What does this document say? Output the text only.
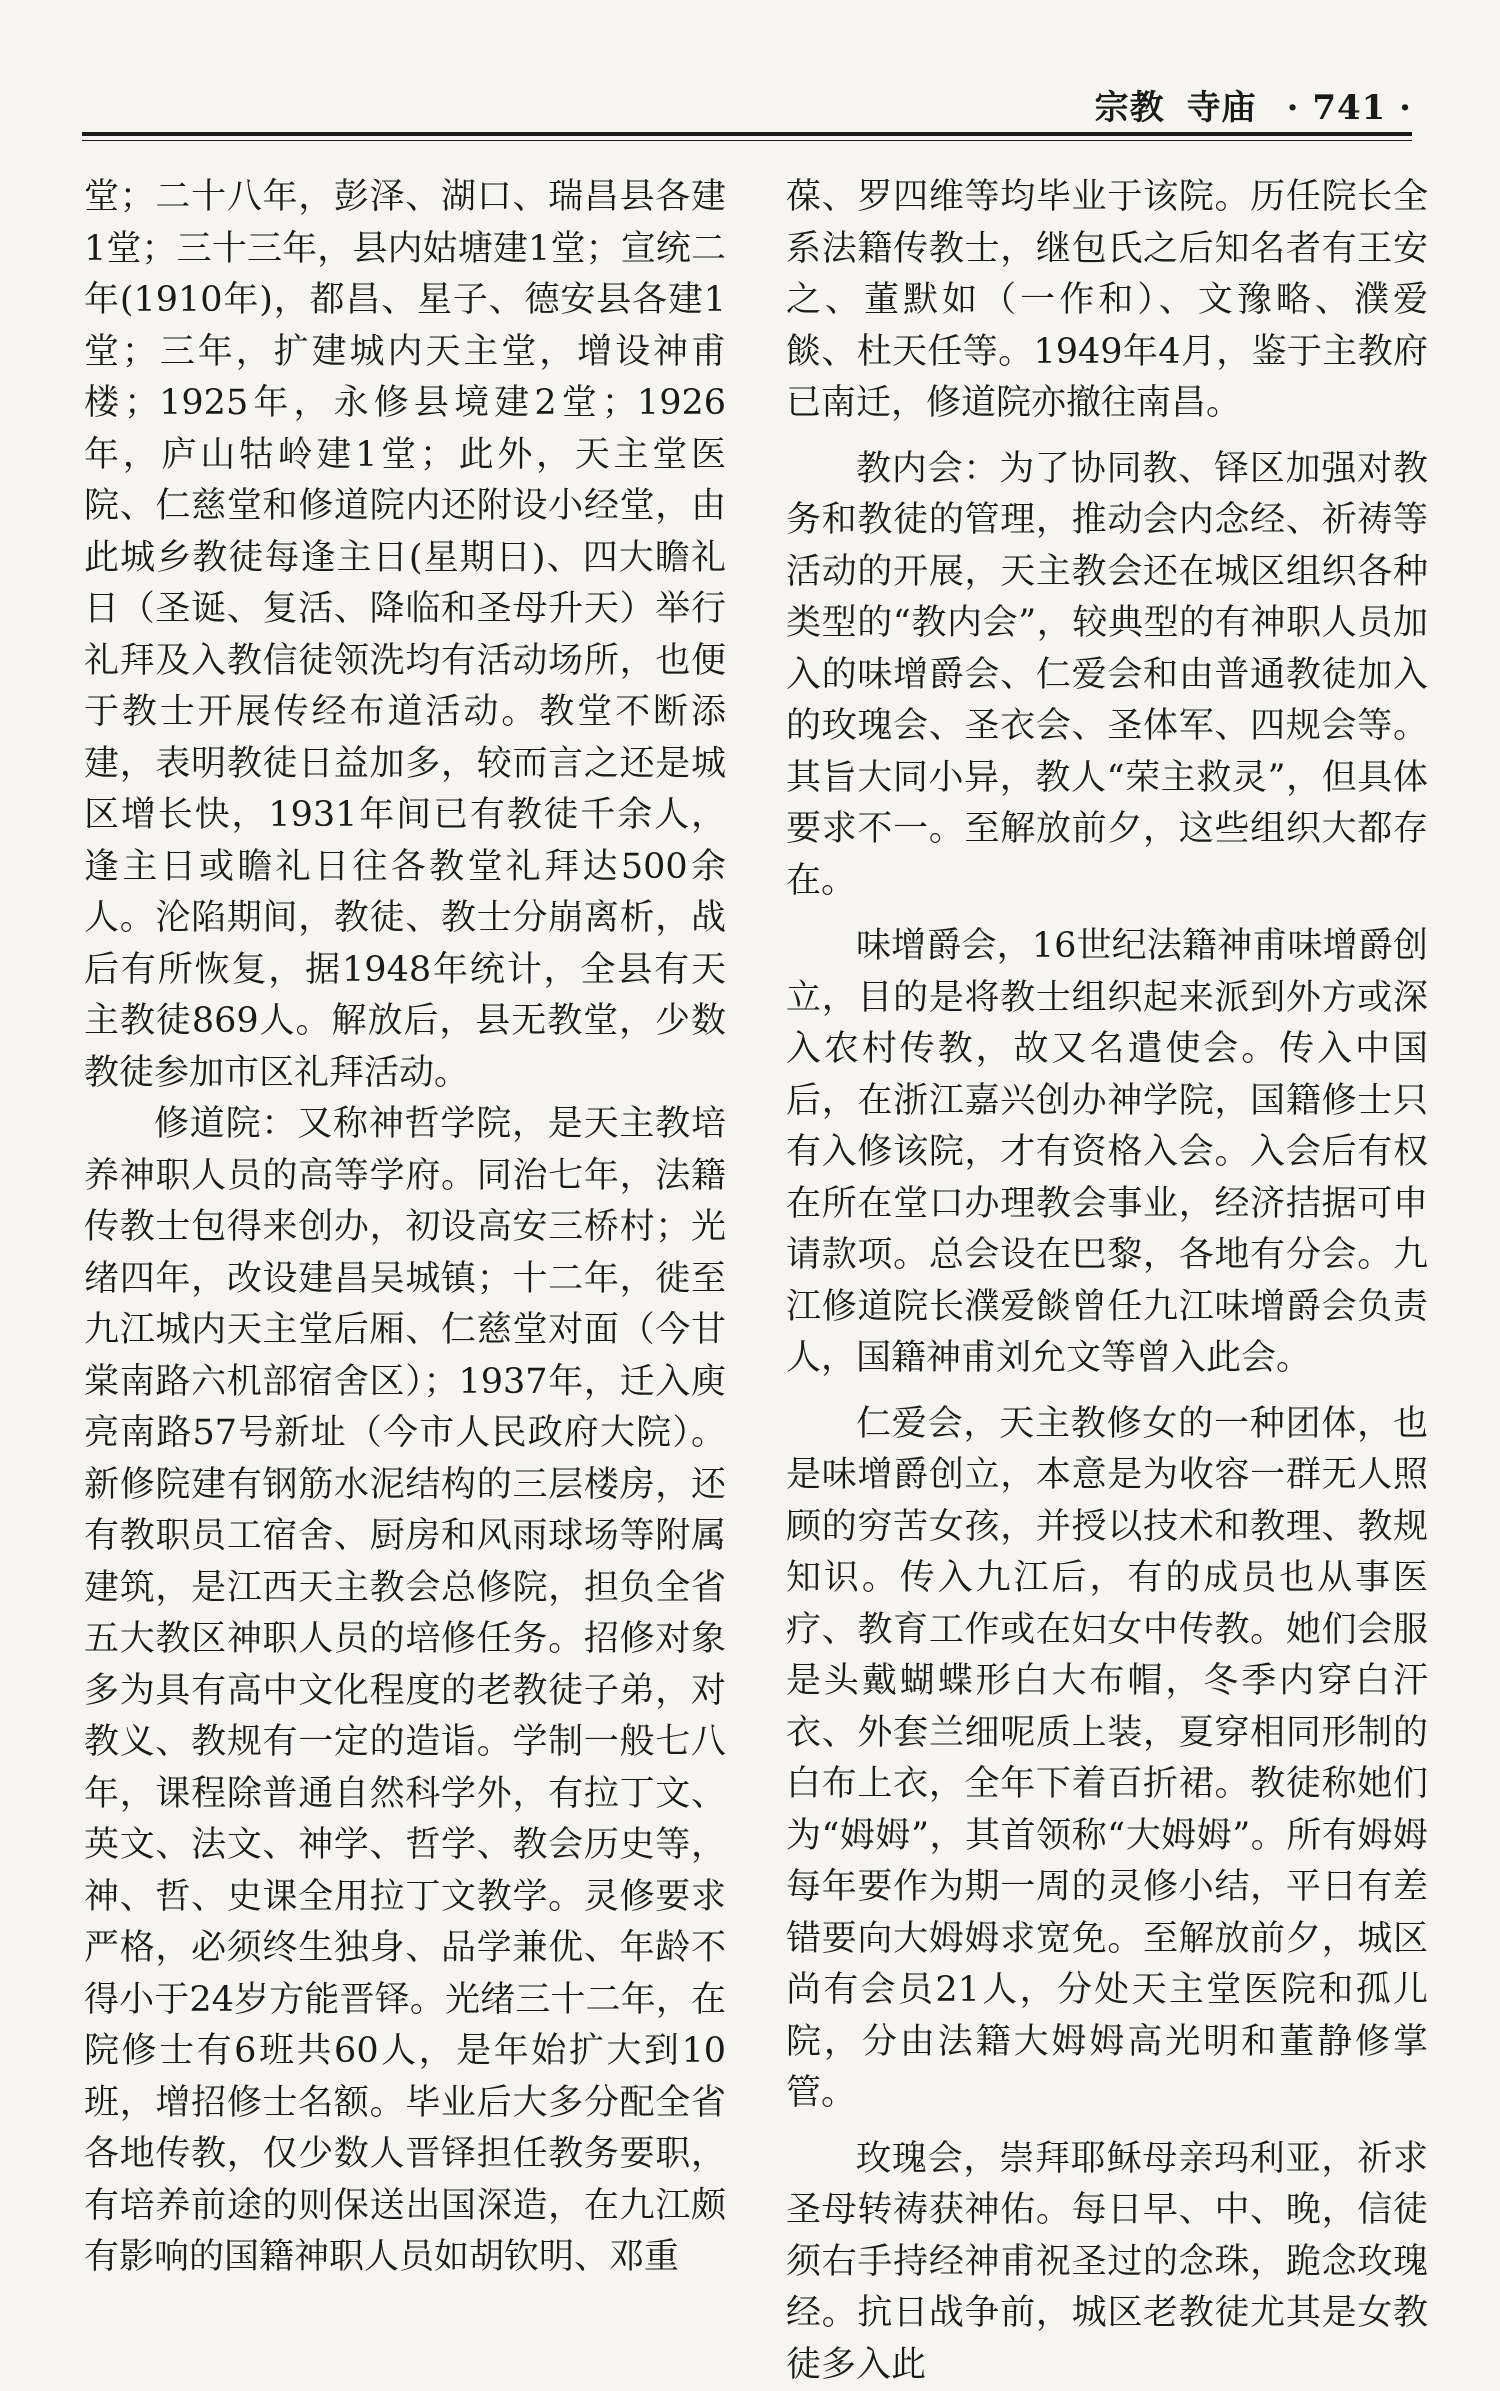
宗教 寺庙 · 741 ·

堂；二十八年，彭泽、湖口、瑞昌县各建1堂；三十三年，县内姑塘建1堂；宣统二年(1910年)，都昌、星子、德安县各建1堂；三年，扩建城内天主堂，增设神甫楼；1925年，永修县境建2堂；1926年，庐山牯岭建1堂；此外，天主堂医院、仁慈堂和修道院内还附设小经堂，由此城乡教徒每逢主日(星期日)、四大瞻礼日（圣诞、复活、降临和圣母升天）举行礼拜及入教信徒领洗均有活动场所，也便于教士开展传经布道活动。教堂不断添建，表明教徒日益加多，较而言之还是城区增长快，1931年间已有教徒千余人，逢主日或瞻礼日往各教堂礼拜达500余人。沦陷期间，教徒、教士分崩离析，战后有所恢复，据1948年统计，全县有天主教徒869人。解放后，县无教堂，少数教徒参加市区礼拜活动。

修道院：又称神哲学院，是天主教培养神职人员的高等学府。同治七年，法籍传教士包得来创办，初设高安三桥村；光绪四年，改设建昌吴城镇；十二年，徙至九江城内天主堂后厢、仁慈堂对面（今甘棠南路六机部宿舍区）；1937年，迁入庾亮南路57号新址（今市人民政府大院）。新修院建有钢筋水泥结构的三层楼房，还有教职员工宿舍、厨房和风雨球场等附属建筑，是江西天主教会总修院，担负全省五大教区神职人员的培修任务。招修对象多为具有高中文化程度的老教徒子弟，对教义、教规有一定的造诣。学制一般七八年，课程除普通自然科学外，有拉丁文、英文、法文、神学、哲学、教会历史等，神、哲、史课全用拉丁文教学。灵修要求严格，必须终生独身、品学兼优、年龄不得小于24岁方能晋铎。光绪三十二年，在院修士有6班共60人，是年始扩大到10班，增招修士名额。毕业后大多分配全省各地传教，仅少数人晋铎担任教务要职，有培养前途的则保送出国深造，在九江颇有影响的国籍神职人员如胡钦明、邓重

葆、罗四维等均毕业于该院。历任院长全系法籍传教士，继包氏之后知名者有王安之、董默如（一作和）、文豫略、濮爱餤、杜天任等。1949年4月，鉴于主教府已南迁，修道院亦撤往南昌。

教内会：为了协同教、铎区加强对教务和教徒的管理，推动会内念经、祈祷等活动的开展，天主教会还在城区组织各种类型的“教内会”，较典型的有神职人员加入的味增爵会、仁爱会和由普通教徒加入的玫瑰会、圣衣会、圣体军、四规会等。其旨大同小异，教人“荣主救灵”，但具体要求不一。至解放前夕，这些组织大都存在。

味增爵会，16世纪法籍神甫味增爵创立，目的是将教士组织起来派到外方或深入农村传教，故又名遣使会。传入中国后，在浙江嘉兴创办神学院，国籍修士只有入修该院，才有资格入会。入会后有权在所在堂口办理教会事业，经济拮据可申请款项。总会设在巴黎，各地有分会。九江修道院长濮爱餤曾任九江味增爵会负责人，国籍神甫刘允文等曾入此会。

仁爱会，天主教修女的一种团体，也是味增爵创立，本意是为收容一群无人照顾的穷苦女孩，并授以技术和教理、教规知识。传入九江后，有的成员也从事医疗、教育工作或在妇女中传教。她们会服是头戴蝴蝶形白大布帽，冬季内穿白汗衣、外套兰细呢质上装，夏穿相同形制的白布上衣，全年下着百折裙。教徒称她们为“姆姆”，其首领称“大姆姆”。所有姆姆每年要作为期一周的灵修小结，平日有差错要向大姆姆求宽免。至解放前夕，城区尚有会员21人，分处天主堂医院和孤儿院，分由法籍大姆姆高光明和董静修掌管。

玫瑰会，崇拜耶稣母亲玛利亚，祈求圣母转祷获神佑。每日早、中、晚，信徒须右手持经神甫祝圣过的念珠，跪念玫瑰经。抗日战争前，城区老教徒尤其是女教徒多入此
